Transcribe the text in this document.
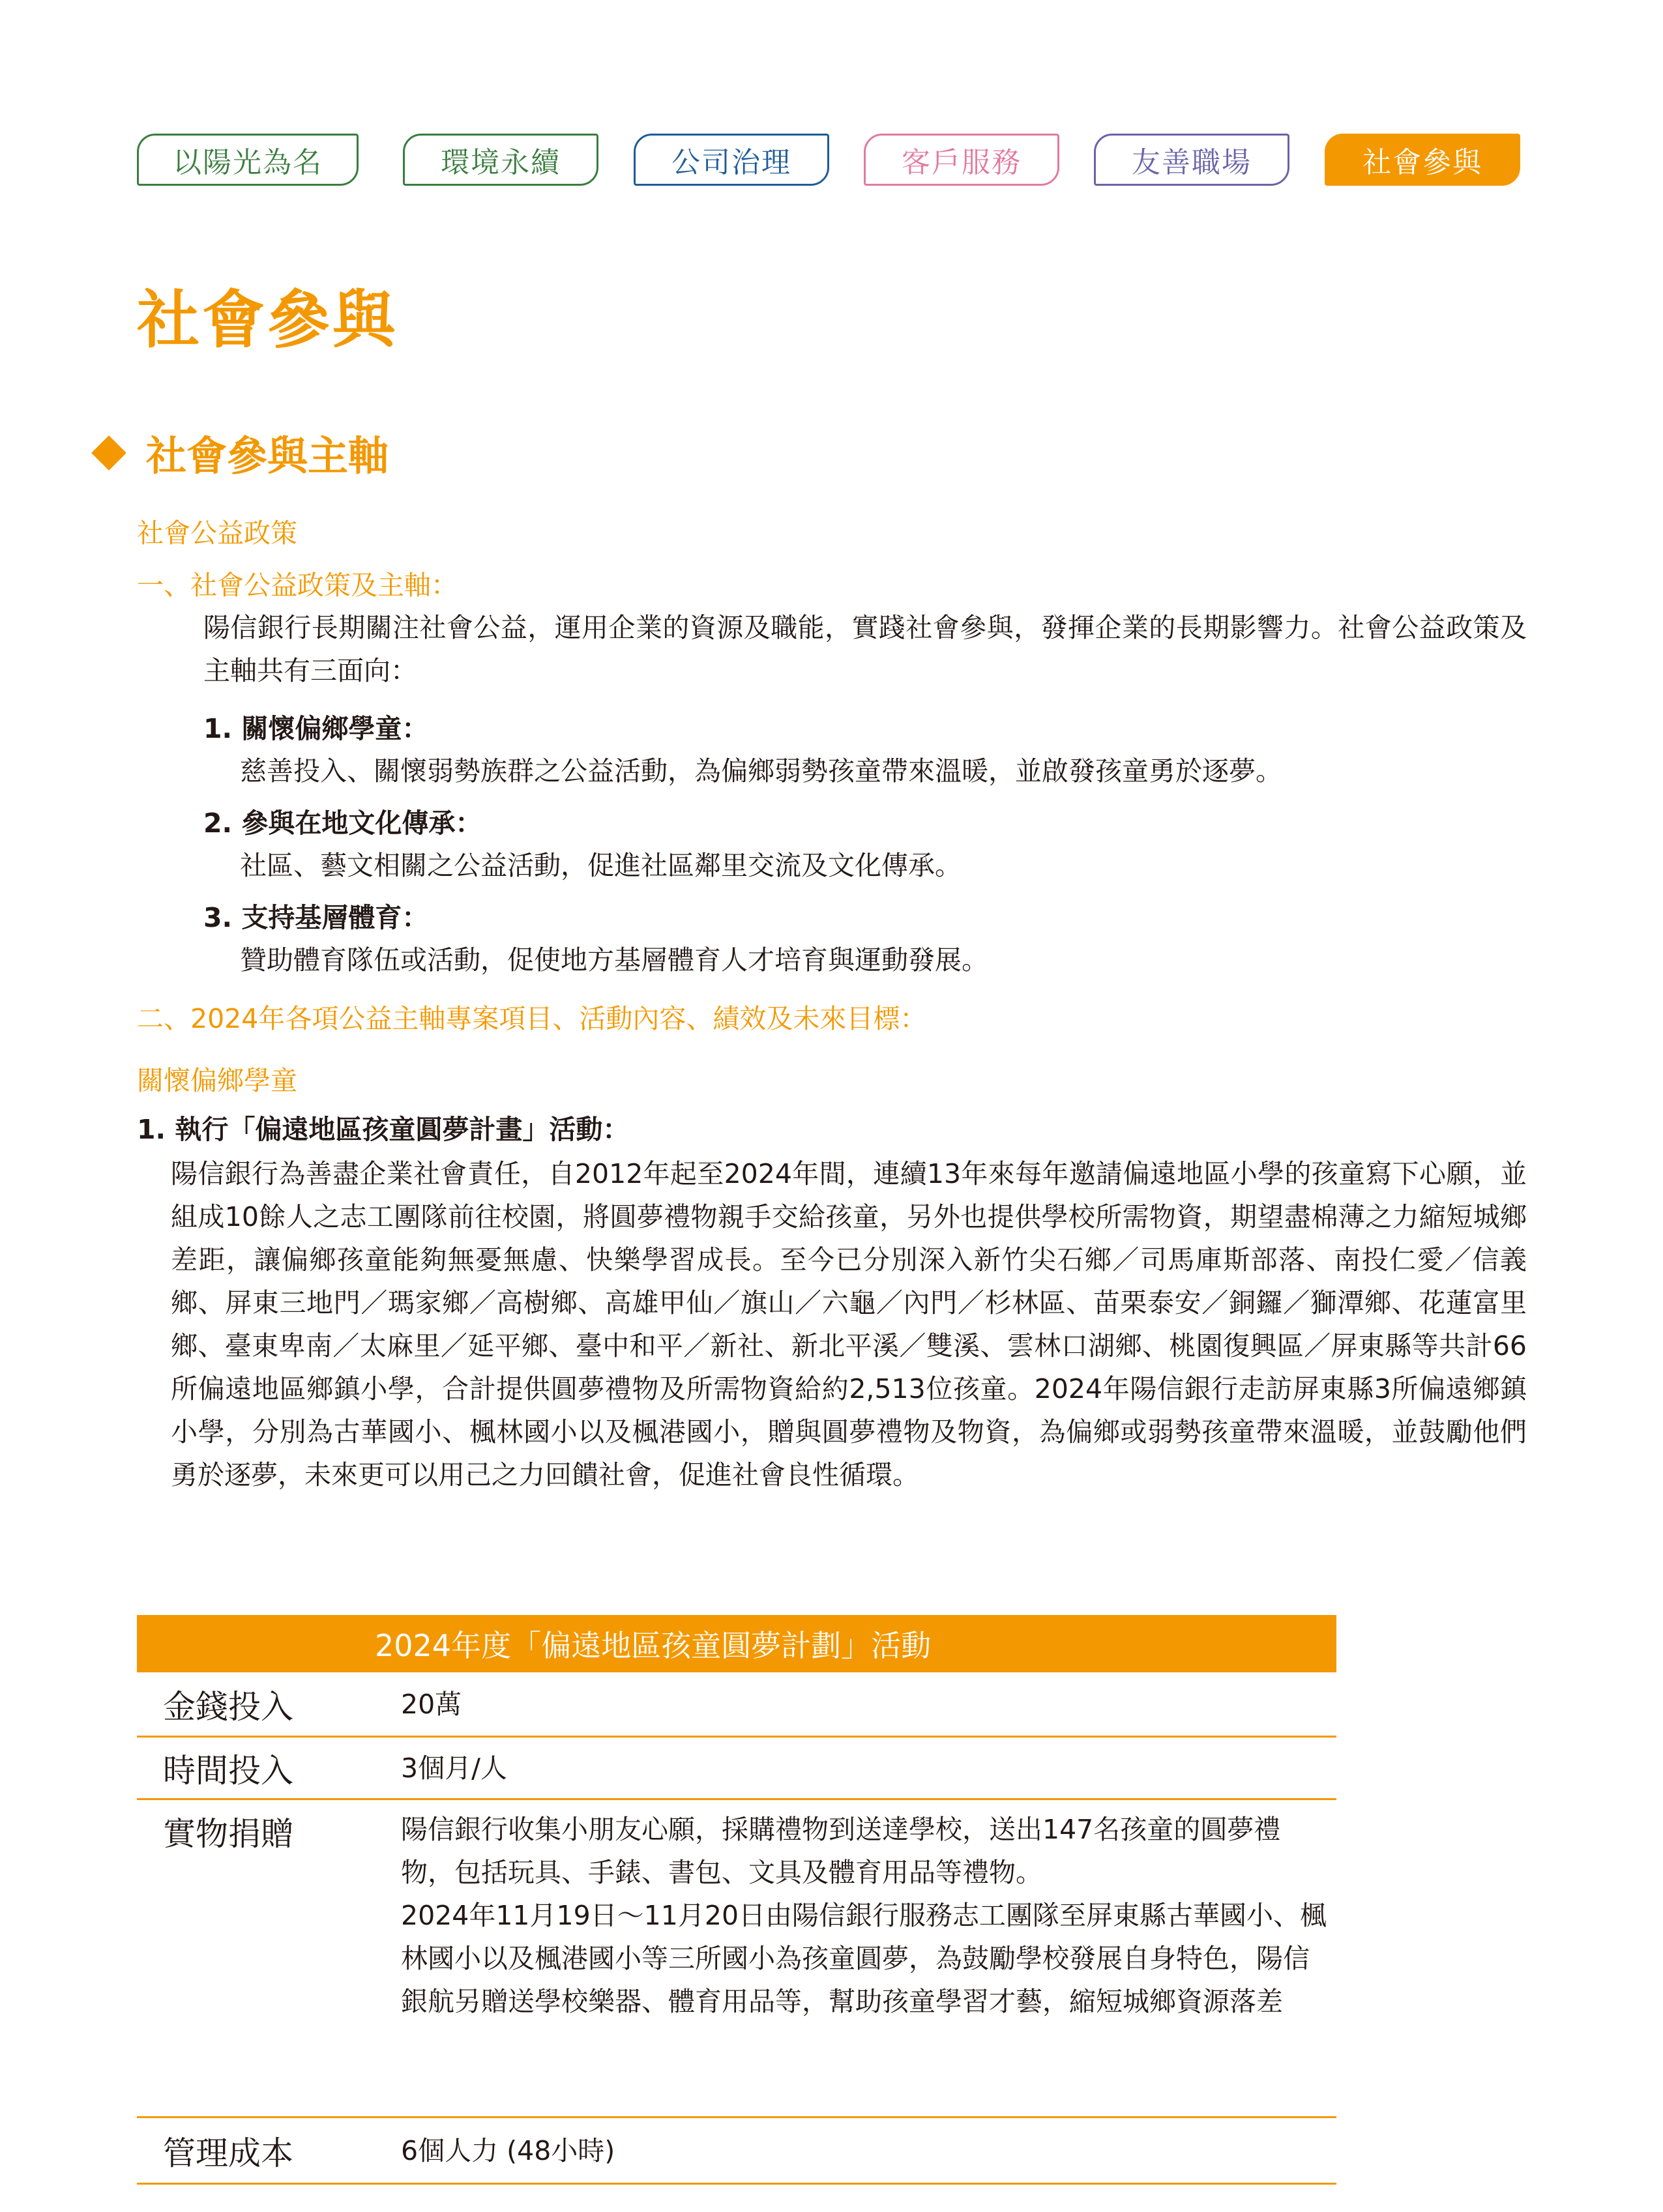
以陽光為名	環境永續	公司治理	客戶服務	友善職場	社會參與
社會參與
社會參與主軸
社會公益政策
一、社會公益政策及主軸：
陽信銀行長期關注社會公益，運用企業的資源及職能，實踐社會參與，發揮企業的長期影響力。社會公益政策及主軸共有三面向：
1. 關懷偏鄉學童：
慈善投入、關懷弱勢族群之公益活動，為偏鄉弱勢孩童帶來溫暖，並啟發孩童勇於逐夢。
2. 參與在地文化傳承：
社區、藝文相關之公益活動，促進社區鄰里交流及文化傳承。
3. 支持基層體育：
贊助體育隊伍或活動，促使地方基層體育人才培育與運動發展。
二、2024年各項公益主軸專案項目、活動內容、績效及未來目標：
關懷偏鄉學童
1. 執行「偏遠地區孩童圓夢計畫」活動：
陽信銀行為善盡企業社會責任，自2012年起至2024年間，連續13年來每年邀請偏遠地區小學的孩童寫下心願，並組成10餘人之志工團隊前往校園，將圓夢禮物親手交給孩童，另外也提供學校所需物資，期望盡棉薄之力縮短城鄉差距，讓偏鄉孩童能夠無憂無慮、快樂學習成長。至今已分別深入新竹尖石鄉／司馬庫斯部落、南投仁愛／信義鄉、屏東三地門／瑪家鄉／高樹鄉、高雄甲仙／旗山／六龜／內門／杉林區、苗栗泰安／銅鑼／獅潭鄉、花蓮富里鄉、臺東卑南／太麻里／延平鄉、臺中和平／新社、新北平溪／雙溪、雲林口湖鄉、桃園復興區／屏東縣等共計66所偏遠地區鄉鎮小學，合計提供圓夢禮物及所需物資給約2,513位孩童。2024年陽信銀行走訪屏東縣3所偏遠鄉鎮小學，分別為古華國小、楓林國小以及楓港國小，贈與圓夢禮物及物資，為偏鄉或弱勢孩童帶來溫暖，並鼓勵他們勇於逐夢，未來更可以用己之力回饋社會，促進社會良性循環。
2024年度「偏遠地區孩童圓夢計劃」活動
金錢投入	20萬
時間投入	3個月/人
實物捐贈	陽信銀行收集小朋友心願，採購禮物到送達學校，送出147名孩童的圓夢禮物，包括玩具、手錶、書包、文具及體育用品等禮物。
2024年11月19日～11月20日由陽信銀行服務志工團隊至屏東縣古華國小、楓林國小以及楓港國小等三所國小為孩童圓夢，為鼓勵學校發展自身特色，陽信銀航另贈送學校樂器、體育用品等，幫助孩童學習才藝，縮短城鄉資源落差
管理成本	6個人力 (48小時)
